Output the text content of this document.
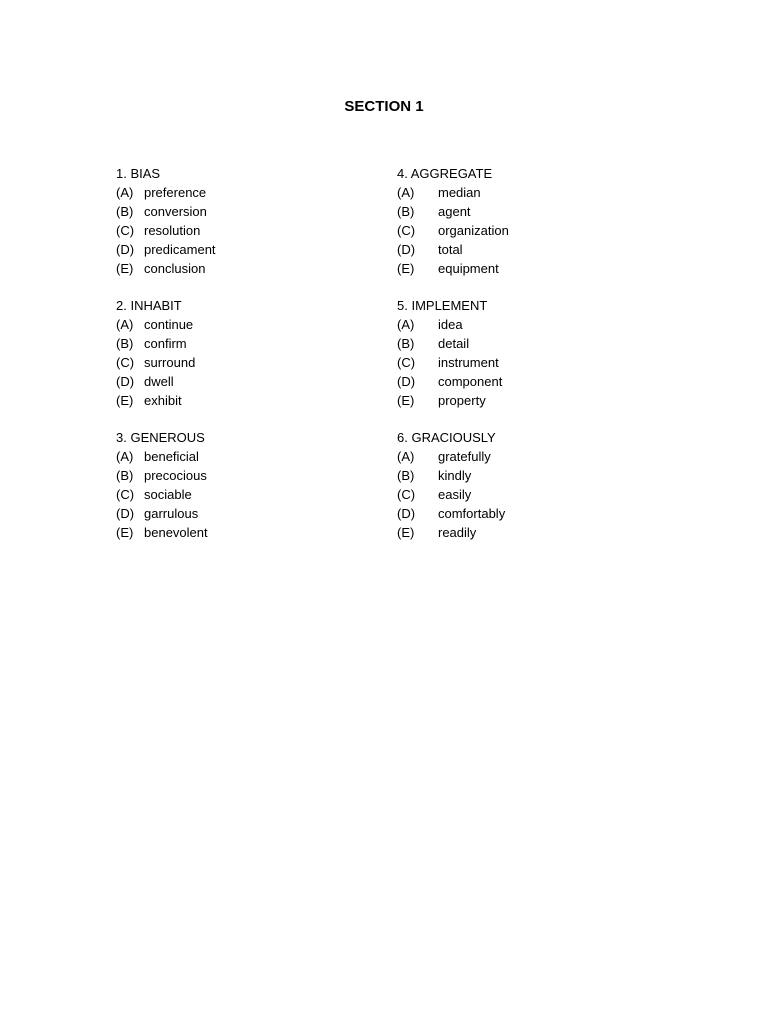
SECTION 1
1. BIAS
(A) preference
(B) conversion
(C) resolution
(D) predicament
(E) conclusion
2. INHABIT
(A) continue
(B) confirm
(C) surround
(D) dwell
(E) exhibit
3. GENEROUS
(A) beneficial
(B) precocious
(C) sociable
(D) garrulous
(E) benevolent
4. AGGREGATE
(A)	median
(B)	agent
(C)	organization
(D)	total
(E)	equipment
5. IMPLEMENT
(A)	idea
(B)	detail
(C)	instrument
(D)	component
(E)	property
6. GRACIOUSLY
(A)	gratefully
(B)	kindly
(C)	easily
(D)	comfortably
(E)	readily
